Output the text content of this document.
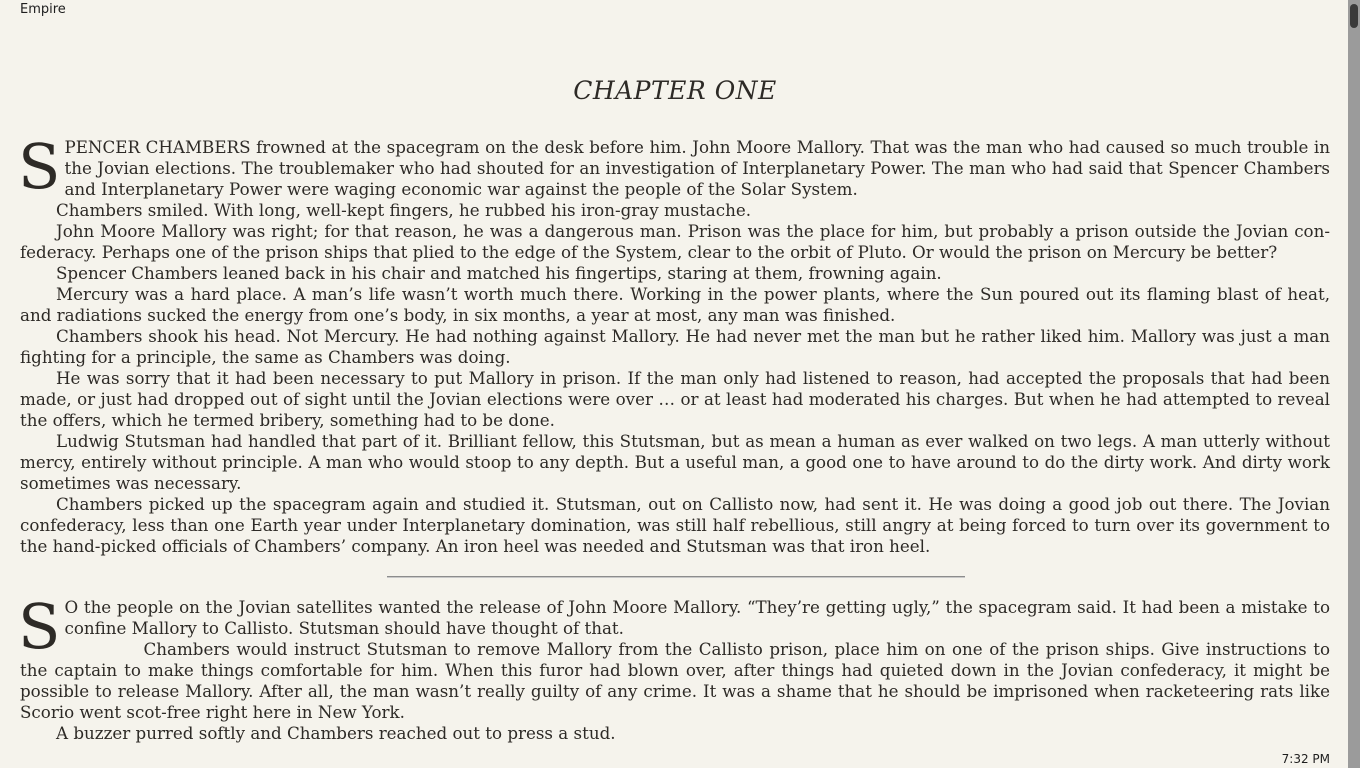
Empire
CHAPTER ONE

SPENCER CHAMBERS frowned at the spacegram on the desk before him. John Moore Mallory. That was the man who had caused so much trouble in the Jovian elections. The troublemaker who had shouted for an investigation of Interplanetary Power. The man who had said that Spencer Chambers and Interplanetary Power were waging economic war against the people of the Solar System.

Chambers smiled. With long, well-kept fingers, he rubbed his iron-gray mustache.

John Moore Mallory was right; for that reason, he was a dangerous man. Prison was the place for him, but probably a prison outside the Jovian confederacy. Perhaps one of the prison ships that plied to the edge of the System, clear to the orbit of Pluto. Or would the prison on Mercury be better?

Spencer Chambers leaned back in his chair and matched his fingertips, staring at them, frowning again.

Mercury was a hard place. A man’s life wasn’t worth much there. Working in the power plants, where the Sun poured out its flaming blast of heat, and radiations sucked the energy from one’s body, in six months, a year at most, any man was finished.

Chambers shook his head. Not Mercury. He had nothing against Mallory. He had never met the man but he rather liked him. Mallory was just a man fighting for a principle, the same as Chambers was doing.

He was sorry that it had been necessary to put Mallory in prison. If the man only had listened to reason, had accepted the proposals that had been made, or just had dropped out of sight until the Jovian elections were over … or at least had moderated his charges. But when he had attempted to reveal the offers, which he termed bribery, something had to be done.

Ludwig Stutsman had handled that part of it. Brilliant fellow, this Stutsman, but as mean a human as ever walked on two legs. A man utterly without mercy, entirely without principle. A man who would stoop to any depth. But a useful man, a good one to have around to do the dirty work. And dirty work sometimes was necessary.

Chambers picked up the spacegram again and studied it. Stutsman, out on Callisto now, had sent it. He was doing a good job out there. The Jovian confederacy, less than one Earth year under Interplanetary domination, was still half rebellious, still angry at being forced to turn over its government to the hand-picked officials of Chambers’ company. An iron heel was needed and Stutsman was that iron heel.

S O the people on the Jovian satellites wanted the release of John Moore Mallory. “They’re getting ugly,” the spacegram said. It had been a mistake to confine Mallory to Callisto. Stutsman should have thought of that.

Chambers would instruct Stutsman to remove Mallory from the Callisto prison, place him on one of the prison ships. Give instructions to the captain to make things comfortable for him. When this furor had blown over, after things had quieted down in the Jovian confederacy, it might be possible to release Mallory. After all, the man wasn’t really guilty of any crime. It was a shame that he should be imprisoned when racketeering rats like Scorio went scot-free right here in New York.

A buzzer purred softly and Chambers reached out to press a stud.

7:32 PM
